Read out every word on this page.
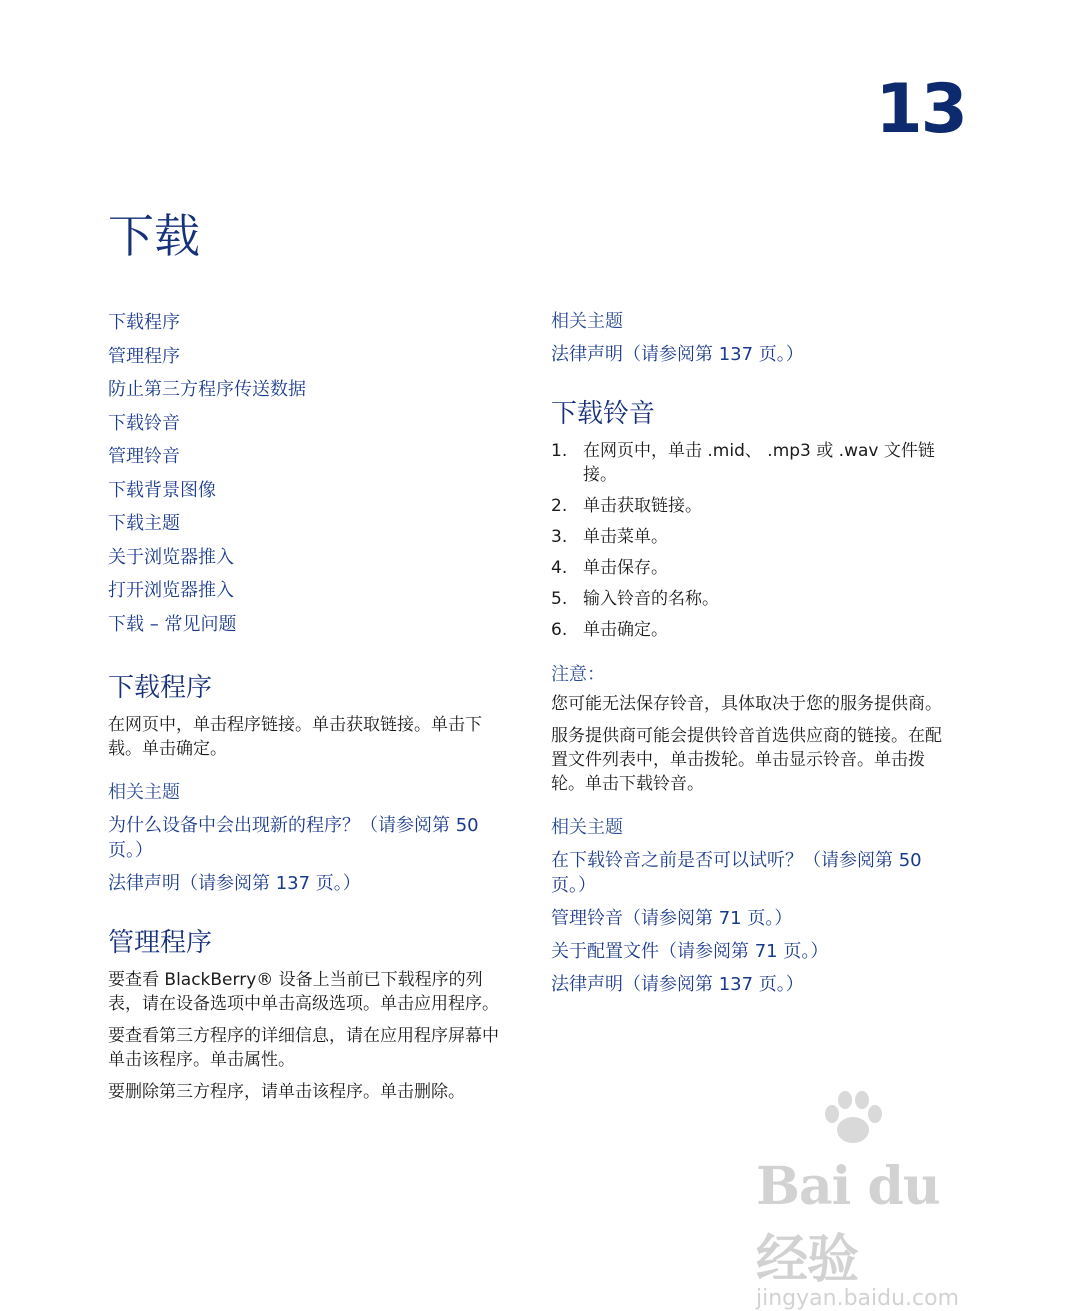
13
下载
下载程序
管理程序
防止第三方程序传送数据
下载铃音
管理铃音
下载背景图像
下载主题
关于浏览器推入
打开浏览器推入
下载 – 常见问题
下载程序

在网页中，单击程序链接。单击获取链接。单击下载。单击确定。

相关主题
为什么设备中会出现新的程序？（请参阅第 50 页。）
法律声明（请参阅第 137 页。）
管理程序

要查看 BlackBerry® 设备上当前已下载程序的列表，请在设备选项中单击高级选项。单击应用程序。

要查看第三方程序的详细信息，请在应用程序屏幕中单击该程序。单击属性。

要删除第三方程序，请单击该程序。单击删除。

相关主题
法律声明（请参阅第 137 页。）
下载铃音
1. 在网页中，单击 .mid、 .mp3 或 .wav 文件链接。
2. 单击获取链接。
3. 单击菜单。
4. 单击保存。
5. 输入铃音的名称。
6. 单击确定。
注意：

您可能无法保存铃音，具体取决于您的服务提供商。

服务提供商可能会提供铃音首选供应商的链接。在配置文件列表中，单击拨轮。单击显示铃音。单击拨轮。单击下载铃音。

相关主题
在下载铃音之前是否可以试听？（请参阅第 50 页。）
管理铃音（请参阅第 71 页。）
关于配置文件（请参阅第 71 页。）
法律声明（请参阅第 137 页。）
Bai du 经验
jingyan.baidu.com
